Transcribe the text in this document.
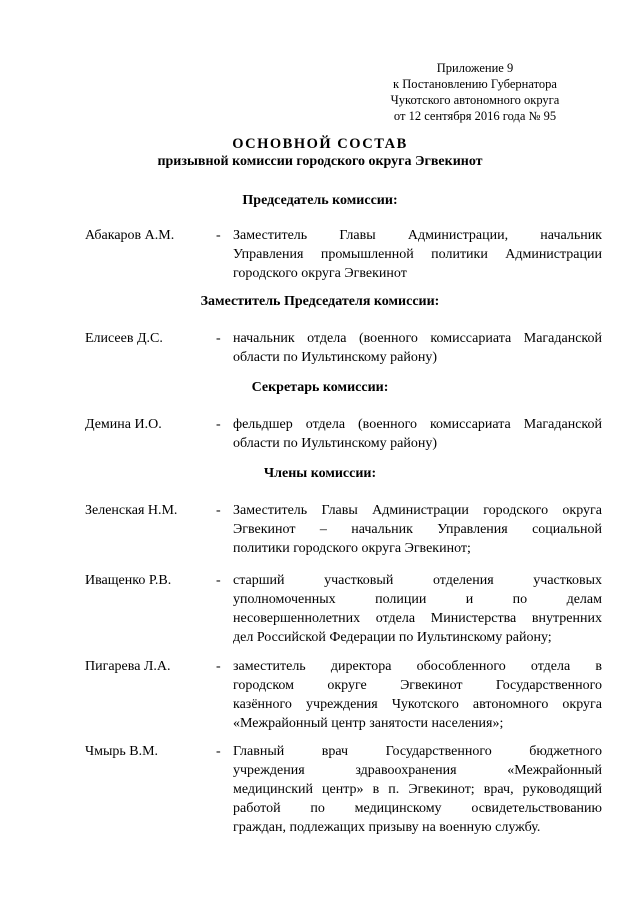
Приложение 9
к Постановлению Губернатора
Чукотского автономного округа
от 12 сентября 2016 года № 95
ОСНОВНОЙ СОСТАВ
призывной комиссии городского округа Эгвекинот
Председатель комиссии:
Абакаров А.М.	- Заместитель Главы Администрации, начальник
Управления промышленной политики Администрации
городского округа Эгвекинот
Заместитель Председателя комиссии:
Елисеев Д.С.	- начальник отдела (военного комиссариата Магаданской
области по Иультинскому району)
Секретарь комиссии:
Демина И.О.	- фельдшер отдела (военного комиссариата Магаданской
области по Иультинскому району)
Члены комиссии:
Зеленская Н.М.	- Заместитель Главы Администрации городского округа
Эгвекинот – начальник Управления социальной
политики городского округа Эгвекинот;
Иващенко Р.В.	- старший участковый отделения участковых
уполномоченных полиции и по делам
несовершеннолетних отдела Министерства внутренних
дел Российской Федерации по Иультинскому району;
Пигарева Л.А.	- заместитель директора обособленного отдела в
городском округе Эгвекинот Государственного
казённого учреждения Чукотского автономного округа
«Межрайонный центр занятости населения»;
Чмырь В.М.	- Главный врач Государственного бюджетного
учреждения здравоохранения «Межрайонный
медицинский центр» в п. Эгвекинот; врач, руководящий
работой по медицинскому освидетельствованию
граждан, подлежащих призыву на военную службу.
